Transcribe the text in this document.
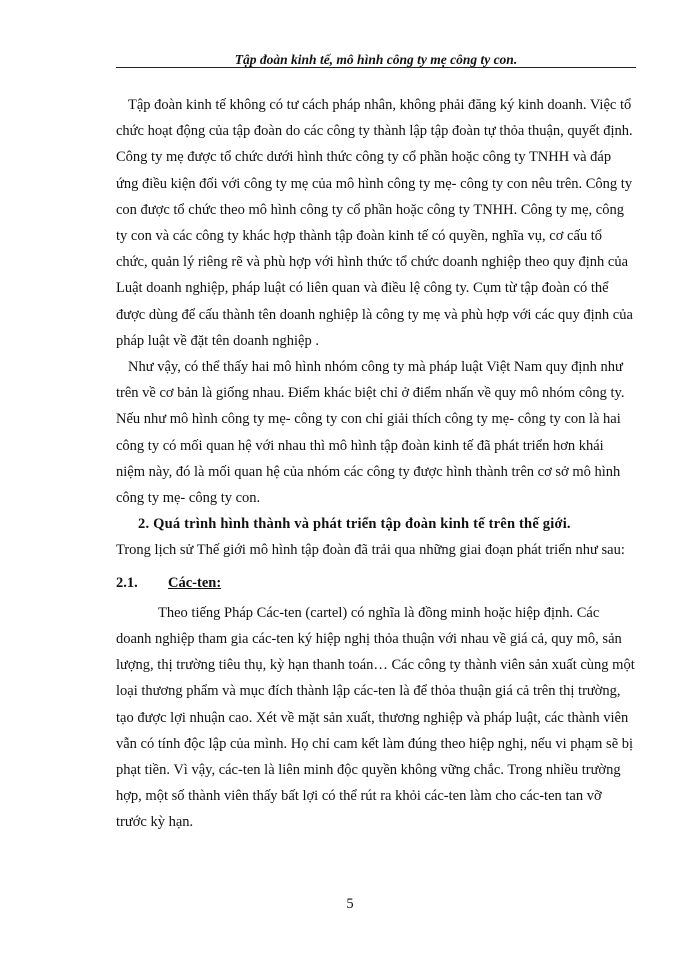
Tập đoàn kinh tế, mô hình công ty mẹ công ty con.

Tập đoàn kinh tế không có tư cách pháp nhân, không phải đăng ký kinh doanh. Việc tổ chức hoạt động của tập đoàn do các công ty thành lập tập đoàn tự thỏa thuận, quyết định. Công ty mẹ được tổ chức dưới hình thức công ty cổ phần hoặc công ty TNHH và đáp ứng điều kiện đối với công ty mẹ của mô hình công ty mẹ- công ty con nêu trên. Công ty con được tổ chức theo mô hình công ty cổ phần hoặc công ty TNHH. Công ty mẹ, công ty con và các công ty khác hợp thành tập đoàn kinh tế có quyền, nghĩa vụ, cơ cấu tổ chức, quản lý riêng rẽ và phù hợp với hình thức tổ chức doanh nghiệp theo quy định của Luật doanh nghiệp, pháp luật có liên quan và điều lệ công ty. Cụm từ tập đoàn có thể được dùng để cấu thành tên doanh nghiệp là công ty mẹ và phù hợp với các quy định của pháp luật về đặt tên doanh nghiệp .

Như vậy, có thể thấy hai mô hình nhóm công ty mà pháp luật Việt Nam quy định như trên về cơ bản là giống nhau. Điểm khác biệt chỉ ở điểm nhấn về quy mô nhóm công ty. Nếu như mô hình công ty mẹ- công ty con chỉ giải thích công ty mẹ- công ty con là hai công ty có mối quan hệ với nhau thì mô hình tập đoàn kinh tế đã phát triển hơn khái niệm này, đó là mối quan hệ của nhóm các công ty được hình thành trên cơ sở mô hình công ty mẹ- công ty con.

2. Quá trình hình thành và phát triển tập đoàn kinh tế trên thế giới.

Trong lịch sử Thế giới mô hình tập đoàn đã trải qua những giai đoạn phát triển như sau:

2.1.	Các-ten:

Theo tiếng Pháp Các-ten (cartel) có nghĩa là đồng minh hoặc hiệp định. Các doanh nghiệp tham gia các-ten ký hiệp nghị thỏa thuận với nhau về giá cả, quy mô, sản lượng, thị trường tiêu thụ, kỳ hạn thanh toán… Các công ty thành viên sản xuất cùng một loại thương phẩm và mục đích thành lập các-ten là để thỏa thuận giá cả trên thị trường, tạo được lợi nhuận cao. Xét về mặt sản xuất, thương nghiệp và pháp luật, các thành viên vẫn có tính độc lập của mình. Họ chỉ cam kết làm đúng theo hiệp nghị, nếu vi phạm sẽ bị phạt tiền. Vì vậy, các-ten là liên minh độc quyền không vững chắc. Trong nhiều trường hợp, một số thành viên thấy bất lợi có thể rút ra khỏi các-ten làm cho các-ten tan vỡ trước kỳ hạn.

5
